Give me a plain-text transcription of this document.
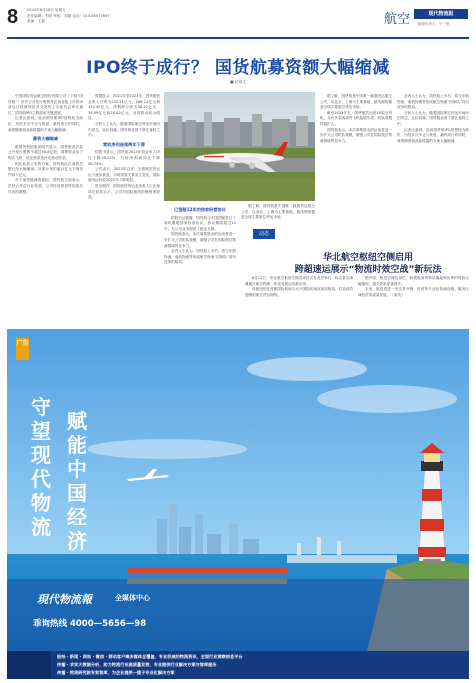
8 2024年6月28日 星期五
责任编辑：李明 审校：刘颖 电话：010-65077697
美编：王磊	航空	现代物流报
版面负责人：于一航
IPO终于成行？ 国货航募资额大幅缩减
■ 赵婧文

中国国际货运航空股份有限公司（下称“国货航”）首次公开发行股票并在创业板上市的申请近日获深圳证券交易所上市委员会审议通过，国货航IPO之路迎来关键进展。

记者注意到，此前国货航IPO进程较为曲折，历经多次中止与恢复，最终成行的同时，募资额度较此前披露的方案大幅缩减。

募资大幅缩减

据国货航招股说明书显示，国货航此次拟公开发行股票不超过40.8亿股，募集资金用于购买飞机、偿还借款及补充流动资金。

相比此前公布的方案，国货航此次募资总额已经大幅缩减，从原计划的逾百亿元下调至约四十亿元。

对于募资缩减的原因，国货航方面表示，是综合考虑行业发展、公司经营规划等因素后作出的调整。

数据显示，2021年至2023年，国货航营业收入分别为232.21亿元、266.13亿元和172.40亿元，净利润分别为38.22亿元、39.09亿元和20.82亿元，业绩波动较为明显。

分析人士认为，随着国际航空货运市场回归常态，运价回落，国货航业绩下滑在意料之中。

营收净利连续两年下滑

招股书显示，国货航2023年营业收入同比下降35.22%，归母净利润同比下降46.74%。

公司表示，2023年以来，全球航空货运运力逐步恢复，市场供需关系发生变化，国际航线运价较2022年下降明显。

报告期内，国货航的货运业务收入占比保持在较高水平，公司对国际航线依赖程度较高。

已签超12年的独家经营协议

招股书还披露，国货航与中国国航签订了客机腹舱独家经营协议，协议期限超过12年，为公司业务提供了稳定支撑。

国货航表示，本次募集资金的运用将进一步扩大公司机队规模，增强公司在国际航空物流领域的竞争力。

业内人士认为，国货航上市后，将与东航物流、南航物流等形成航空物流“国家队”同台竞争的格局。

据了解，国货航是中国唯一载旗货运航空公司，以北京、上海为主要基地，航线网络覆盖全球主要航空货运市场。

据了解，国货航是中国唯一载旗货运航空公司，以北京、上海为主要基地，航线网络覆盖全球主要航空货运市场。

截至2023年末，国货航共运营15架全货机，另有多架客改货飞机陆续引进，机队规模持续扩大。

国货航表示，本次募集资金的运用将进一步扩大公司机队规模，增强公司在国际航空物流领域的竞争力。

业内人士认为，国货航上市后，将与东航物流、南航物流等形成航空物流“国家队”同台竞争的格局。

分析人士认为，随着国际航空货运市场回归常态，运价回落，国货航业绩下滑在意料之中。

记者注意到，此前国货航IPO进程较为曲折，历经多次中止与恢复，最终成行的同时，募资额度较此前披露的方案大幅缩减。

动态
华北航空枢纽空侧启用
跨超速运展示“物流时效空战”新玩法

6月12日，华北航空枢纽空侧启用仪式在北京举行，标志着京津冀地区航空物流一体化发展迈出新步伐。

该枢纽依托首都国际机场与大兴国际机场双枢纽格局，打造高效便捷的航空货运网络。

据介绍，枢纽空侧启用后，跨境电商货物从落地到出库的时间大幅缩短，通关效率显著提升。

未来，枢纽将进一步完善冷链、医药等专业化物流设施，服务区域经济高质量发展。（姜英）

广告
守望现代物流
赋能中国经济
現代物流報	全媒体中心
乖询热线 4000—5656—98
报纸 · 新闻 · 网站 · 微信 · 移动客户端多媒体全覆盖，专业权威的物流资讯、全面行业洞察信息平台
传播 · 求实大数据分析，助力物流行业高质量发展，专业提供行业解决方案与智库服务
传播 · 物流研究院专家智库，为企业提供一揽子专业化解决方案
